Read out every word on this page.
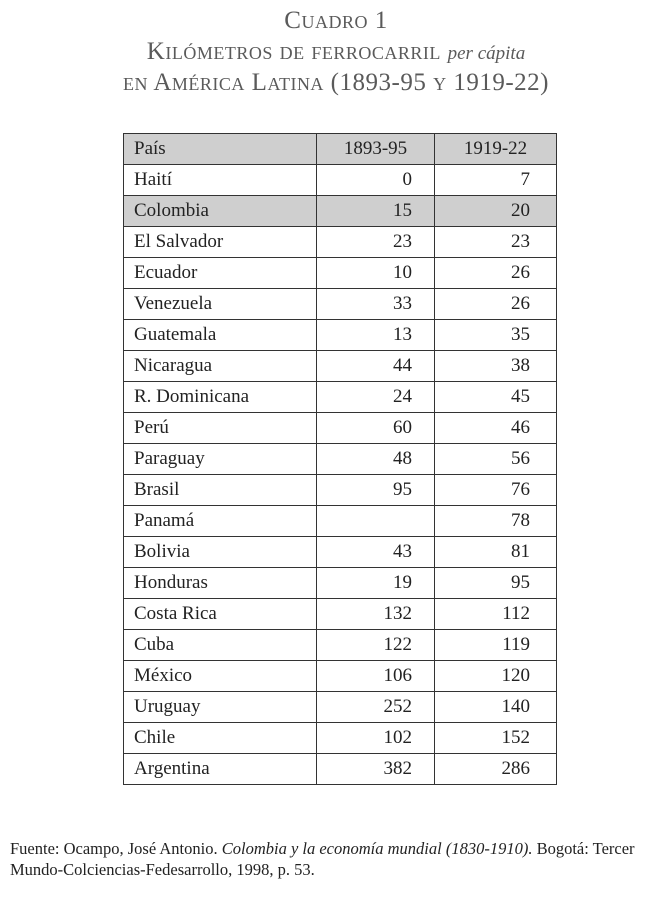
Cuadro 1
Kilómetros de ferrocarril per cápita
en América Latina (1893-95 y 1919-22)
País	1893-95	1919-22
Haití	0	7
Colombia	15	20
El Salvador	23	23
Ecuador	10	26
Venezuela	33	26
Guatemala	13	35
Nicaragua	44	38
R. Dominicana	24	45
Perú	60	46
Paraguay	48	56
Brasil	95	76
Panamá		78
Bolivia	43	81
Honduras	19	95
Costa Rica	132	112
Cuba	122	119
México	106	120
Uruguay	252	140
Chile	102	152
Argentina	382	286
Fuente: Ocampo, José Antonio. Colombia y la economía mundial (1830-1910). Bogotá: Tercer Mundo-Colciencias-Fedesarrollo, 1998, p. 53.
